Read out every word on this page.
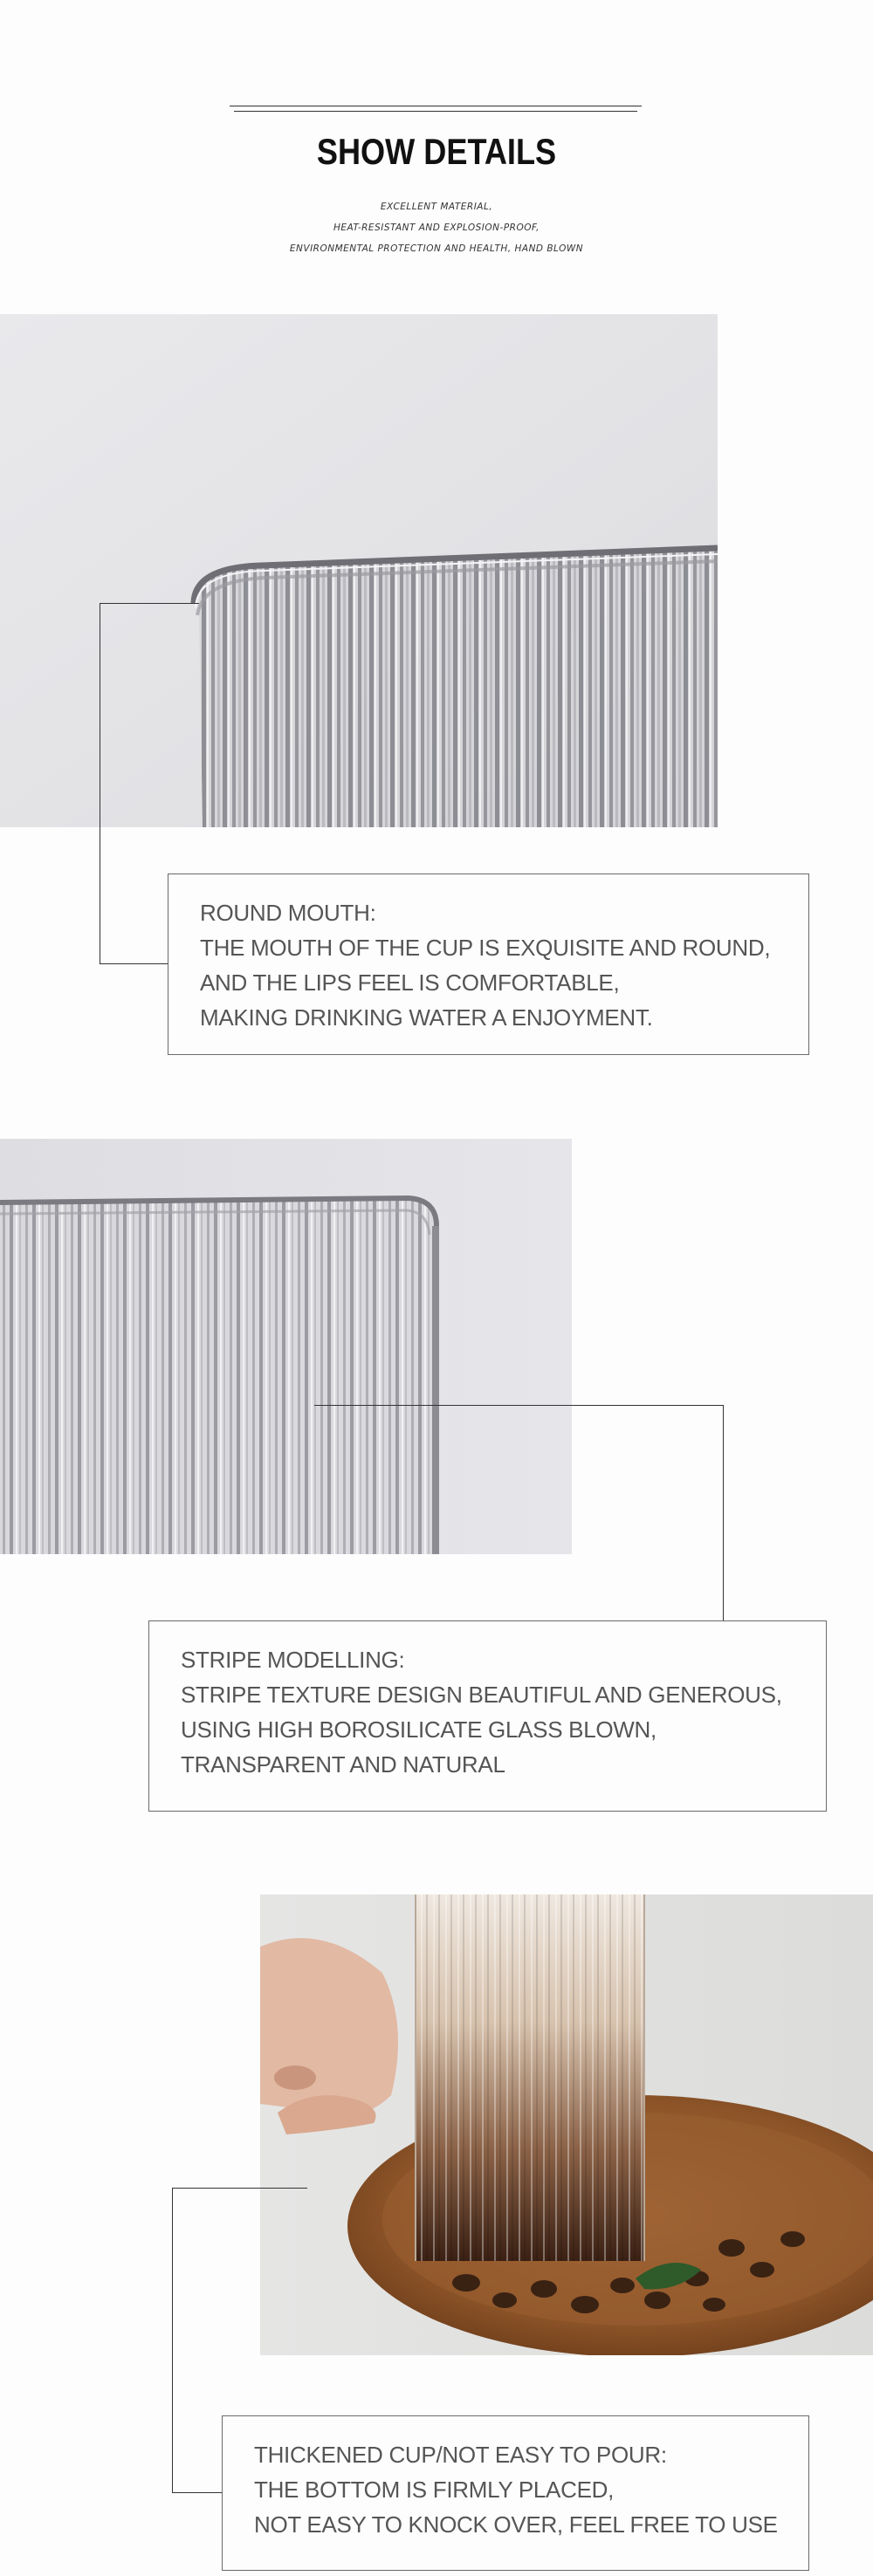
SHOW DETAILS
EXCELLENT MATERIAL,
HEAT-RESISTANT AND EXPLOSION-PROOF,
ENVIRONMENTAL PROTECTION AND HEALTH, HAND BLOWN
ROUND MOUTH:
THE MOUTH OF THE CUP IS EXQUISITE AND ROUND,
AND THE LIPS FEEL IS COMFORTABLE,
MAKING DRINKING WATER A ENJOYMENT.
STRIPE MODELLING:
STRIPE TEXTURE DESIGN BEAUTIFUL AND GENEROUS,
USING HIGH BOROSILICATE GLASS BLOWN,
TRANSPARENT AND NATURAL
THICKENED CUP/NOT EASY TO POUR:
THE BOTTOM IS FIRMLY PLACED,
NOT EASY TO KNOCK OVER, FEEL FREE TO USE
